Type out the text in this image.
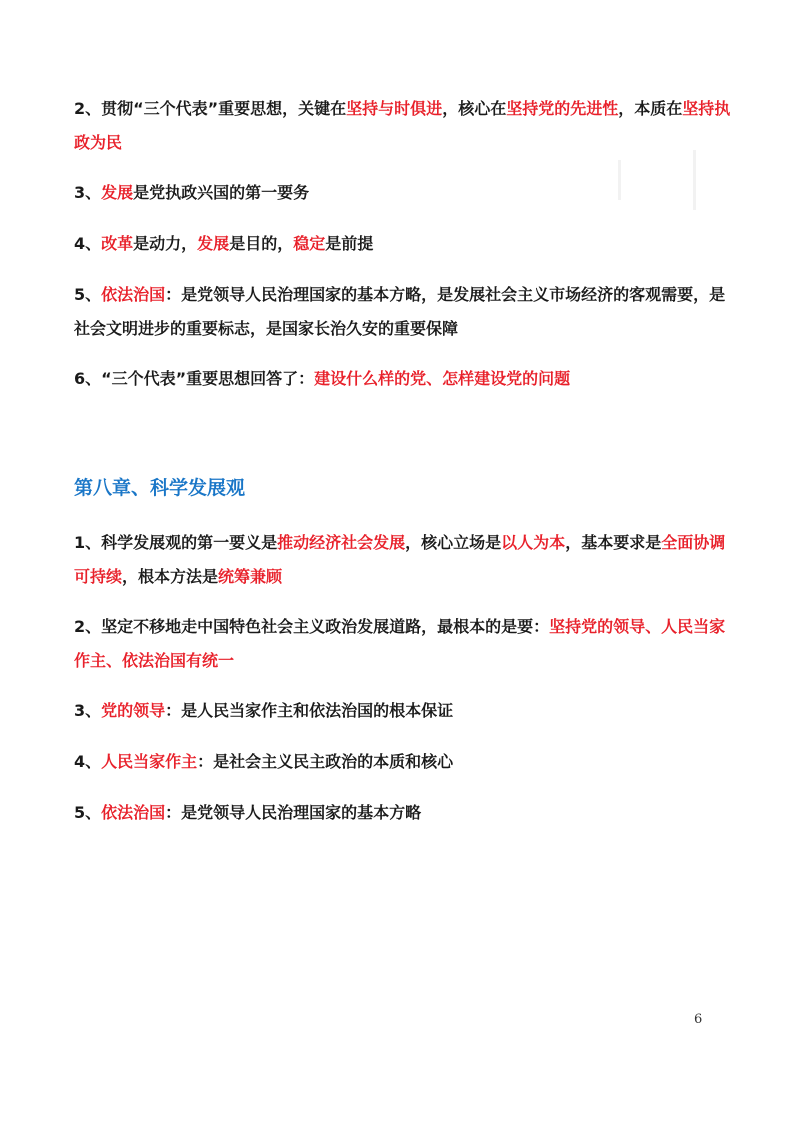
2、贯彻“三个代表”重要思想，关键在坚持与时俱进，核心在坚持党的先进性，本质在坚持执政为民

3、发展是党执政兴国的第一要务

4、改革是动力，发展是目的，稳定是前提

5、依法治国：是党领导人民治理国家的基本方略，是发展社会主义市场经济的客观需要，是社会文明进步的重要标志，是国家长治久安的重要保障

6、“三个代表”重要思想回答了：建设什么样的党、怎样建设党的问题

第八章、科学发展观

1、科学发展观的第一要义是推动经济社会发展，核心立场是以人为本，基本要求是全面协调可持续，根本方法是统筹兼顾

2、坚定不移地走中国特色社会主义政治发展道路，最根本的是要：坚持党的领导、人民当家作主、依法治国有统一

3、党的领导：是人民当家作主和依法治国的根本保证

4、人民当家作主：是社会主义民主政治的本质和核心

5、依法治国：是党领导人民治理国家的基本方略

6
